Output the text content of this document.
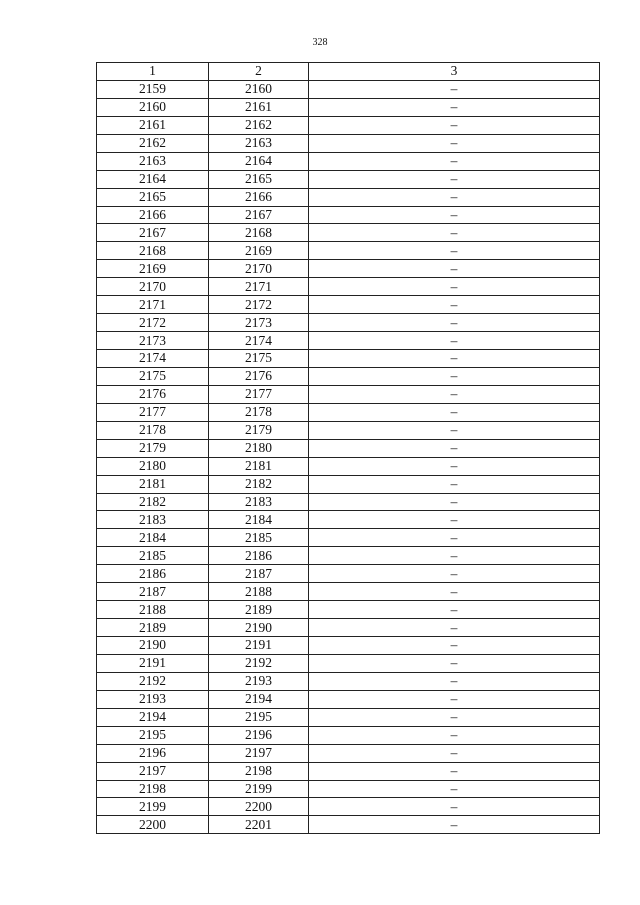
328
1	2	3
2159	2160	–
2160	2161	–
2161	2162	–
2162	2163	–
2163	2164	–
2164	2165	–
2165	2166	–
2166	2167	–
2167	2168	–
2168	2169	–
2169	2170	–
2170	2171	–
2171	2172	–
2172	2173	–
2173	2174	–
2174	2175	–
2175	2176	–
2176	2177	–
2177	2178	–
2178	2179	–
2179	2180	–
2180	2181	–
2181	2182	–
2182	2183	–
2183	2184	–
2184	2185	–
2185	2186	–
2186	2187	–
2187	2188	–
2188	2189	–
2189	2190	–
2190	2191	–
2191	2192	–
2192	2193	–
2193	2194	–
2194	2195	–
2195	2196	–
2196	2197	–
2197	2198	–
2198	2199	–
2199	2200	–
2200	2201	–
